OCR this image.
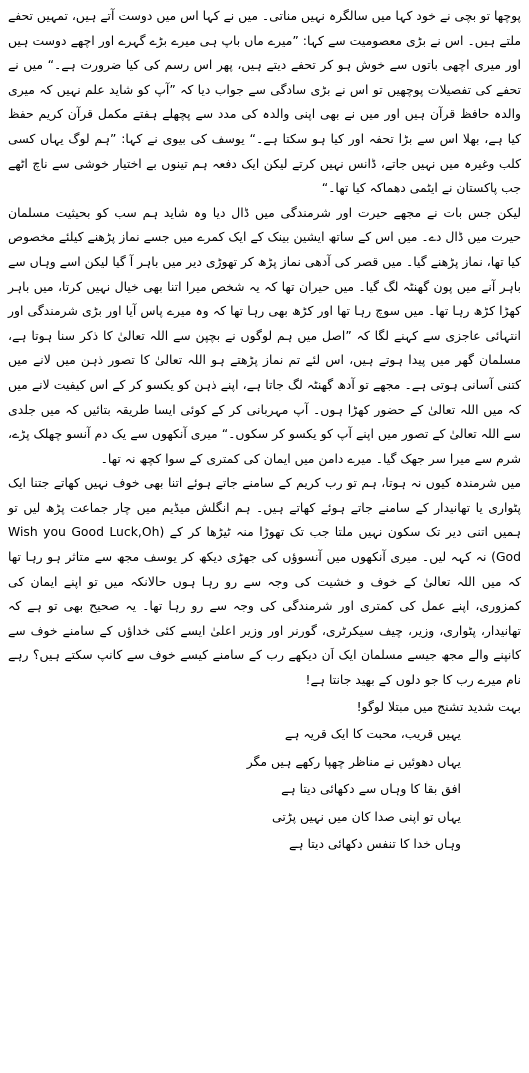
پوچھا تو بچی نے خود کہا میں سالگرہ نہیں مناتی۔ میں نے کہا اس میں دوست آتے ہیں، تمہیں تحفے ملتے ہیں۔ اس نے بڑی معصومیت سے کہا: ”میرے ماں باپ ہی میرے بڑے گہرے اور اچھے دوست ہیں اور میری اچھی باتوں سے خوش ہو کر تحفے دیتے ہیں، پھر اس رسم کی کیا ضرورت ہے۔“ میں نے تحفے کی تفصیلات پوچھیں تو اس نے بڑی سادگی سے جواب دیا کہ ”آپ کو شاید علم نہیں کہ میری والدہ حافظ قرآن ہیں اور میں نے بھی اپنی والدہ کی مدد سے پچھلے ہفتے مکمل قرآن کریم حفظ کیا ہے، بھلا اس سے بڑا تحفہ اور کیا ہو سکتا ہے۔“ یوسف کی بیوی نے کہا: ”ہم لوگ یہاں کسی کلب وغیرہ میں نہیں جاتے، ڈانس نہیں کرتے لیکن ایک دفعہ ہم تینوں بے اختیار خوشی سے ناچ اٹھے جب پاکستان نے ایٹمی دھماکہ کیا تھا۔“

لیکن جس بات نے مجھے حیرت اور شرمندگی میں ڈال دیا وہ شاید ہم سب کو بحیثیت مسلمان حیرت میں ڈال دے۔ میں اس کے ساتھ ایشین بینک کے ایک کمرے میں جسے نماز پڑھنے کیلئے مخصوص کیا تھا، نماز پڑھنے گیا۔ میں قصر کی آدھی نماز پڑھ کر تھوڑی دیر میں باہر آ گیا لیکن اسے وہاں سے باہر آنے میں پون گھنٹہ لگ گیا۔ میں حیران تھا کہ یہ شخص میرا اتنا بھی خیال نہیں کرتا، میں باہر کھڑا کڑھ رہا تھا۔ میں سوچ رہا تھا اور کڑھ بھی رہا تھا کہ وہ میرے پاس آیا اور بڑی شرمندگی اور انتہائی عاجزی سے کہنے لگا کہ ”اصل میں ہم لوگوں نے بچپن سے اللہ تعالیٰ کا ذکر سنا ہوتا ہے، مسلمان گھر میں پیدا ہوتے ہیں، اس لئے تم نماز پڑھتے ہو اللہ تعالیٰ کا تصور ذہن میں لانے میں کتنی آسانی ہوتی ہے۔ مجھے تو آدھ گھنٹہ لگ جاتا ہے، اپنے ذہن کو یکسو کر کے اس کیفیت لانے میں کہ میں اللہ تعالیٰ کے حضور کھڑا ہوں۔ آپ مہربانی کر کے کوئی ایسا طریقہ بتائیں کہ میں جلدی سے اللہ تعالیٰ کے تصور میں اپنے آپ کو یکسو کر سکوں۔“ میری آنکھوں سے یک دم آنسو چھلک پڑے، شرم سے میرا سر جھک گیا۔ میرے دامن میں ایمان کی کمتری کے سوا کچھ نہ تھا۔

میں شرمندہ کیوں نہ ہوتا، ہم تو رب کریم کے سامنے جاتے ہوئے اتنا بھی خوف نہیں کھاتے جتنا ایک پٹواری یا تھانیدار کے سامنے جاتے ہوئے کھاتے ہیں۔ ہم انگلش میڈیم میں چار جماعت پڑھ لیں تو ہمیں اتنی دیر تک سکون نہیں ملتا جب تک تھوڑا منہ ٹیڑھا کر کے (Wish you Good Luck,Oh God) نہ کہہ لیں۔ میری آنکھوں میں آنسوؤں کی جھڑی دیکھ کر یوسف مجھ سے متاثر ہو رہا تھا کہ میں اللہ تعالیٰ کے خوف و خشیت کی وجہ سے رو رہا ہوں حالانکہ میں تو اپنے ایمان کی کمزوری، اپنے عمل کی کمتری اور شرمندگی کی وجہ سے رو رہا تھا۔ یہ صحیح بھی تو ہے کہ تھانیدار، پٹواری، وزیر، چیف سیکرٹری، گورنر اور وزیر اعلیٰ ایسے کئی خداؤں کے سامنے خوف سے کانپنے والے مجھ جیسے مسلمان ایک اَن دیکھے رب کے سامنے کیسے خوف سے کانپ سکتے ہیں؟ رہے نام میرے رب کا جو دلوں کے بھید جانتا ہے!

بہت شدید تشنج میں مبتلا لوگو!
یہیں قریب، محبت کا ایک قریہ ہے
یہاں دھوئیں نے مناظر چھپا رکھے ہیں مگر
افق بقا کا وہاں سے دکھائی دیتا ہے
یہاں تو اپنی صدا کان میں نہیں پڑتی
وہاں خدا کا تنفس دکھائی دیتا ہے
